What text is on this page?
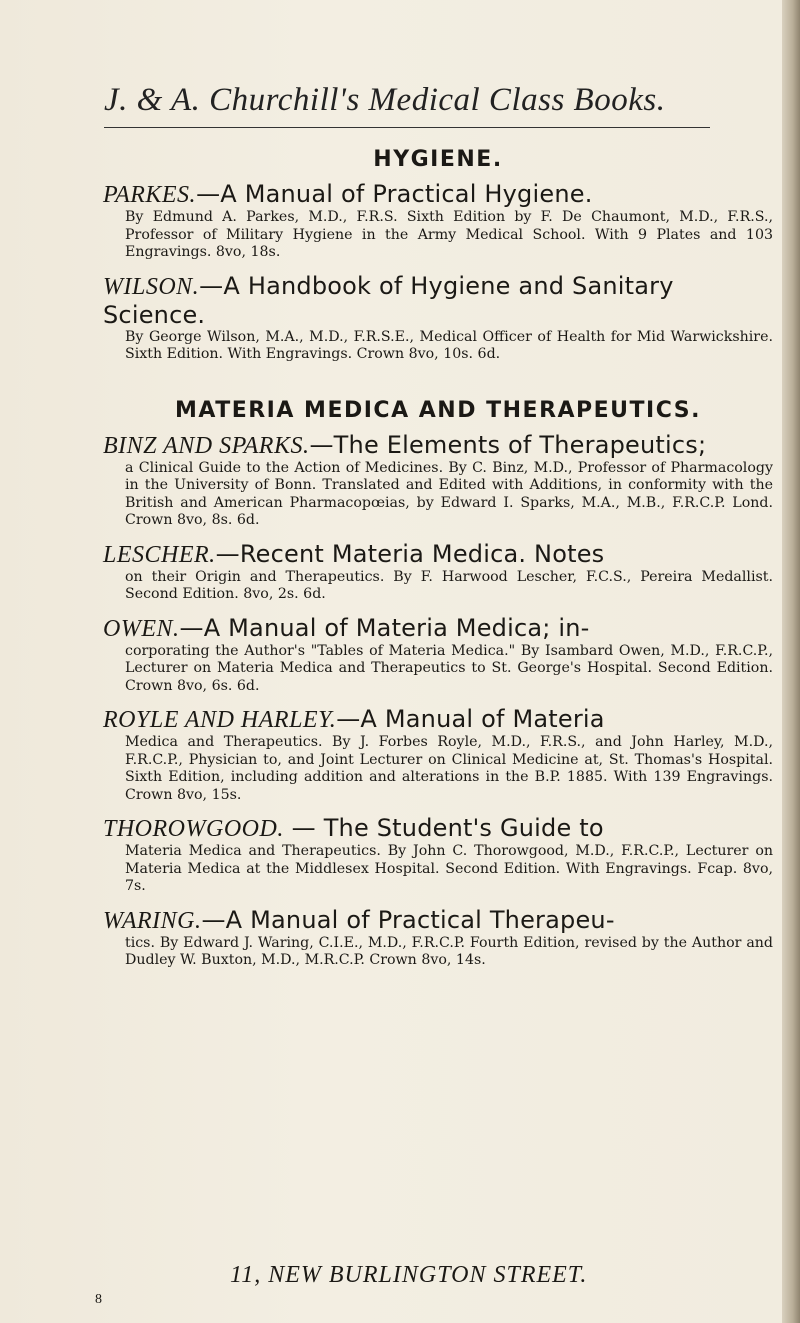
J. & A. Churchill's Medical Class Books.
HYGIENE.

PARKES.—A Manual of Practical Hygiene.

By Edmund A. Parkes, M.D., F.R.S. Sixth Edition by F. De Chaumont, M.D., F.R.S., Professor of Military Hygiene in the Army Medical School. With 9 Plates and 103 Engravings. 8vo, 18s.

WILSON.—A Handbook of Hygiene and Sanitary Science.

By George Wilson, M.A., M.D., F.R.S.E., Medical Officer of Health for Mid Warwickshire. Sixth Edition. With Engravings. Crown 8vo, 10s. 6d.

MATERIA MEDICA AND THERAPEUTICS.

BINZ AND SPARKS.—The Elements of Therapeutics;

a Clinical Guide to the Action of Medicines. By C. Binz, M.D., Professor of Pharmacology in the University of Bonn. Translated and Edited with Additions, in conformity with the British and American Pharmacopœias, by Edward I. Sparks, M.A., M.B., F.R.C.P. Lond. Crown 8vo, 8s. 6d.

LESCHER.—Recent Materia Medica. Notes

on their Origin and Therapeutics. By F. Harwood Lescher, F.C.S., Pereira Medallist. Second Edition. 8vo, 2s. 6d.

OWEN.—A Manual of Materia Medica; in-

corporating the Author's "Tables of Materia Medica." By Isambard Owen, M.D., F.R.C.P., Lecturer on Materia Medica and Therapeutics to St. George's Hospital. Second Edition. Crown 8vo, 6s. 6d.

ROYLE AND HARLEY.—A Manual of Materia

Medica and Therapeutics. By J. Forbes Royle, M.D., F.R.S., and John Harley, M.D., F.R.C.P., Physician to, and Joint Lecturer on Clinical Medicine at, St. Thomas's Hospital. Sixth Edition, including addition and alterations in the B.P. 1885. With 139 Engravings. Crown 8vo, 15s.

THOROWGOOD. — The Student's Guide to

Materia Medica and Therapeutics. By John C. Thorowgood, M.D., F.R.C.P., Lecturer on Materia Medica at the Middlesex Hospital. Second Edition. With Engravings. Fcap. 8vo, 7s.

WARING.—A Manual of Practical Therapeu-

tics. By Edward J. Waring, C.I.E., M.D., F.R.C.P. Fourth Edition, revised by the Author and Dudley W. Buxton, M.D., M.R.C.P. Crown 8vo, 14s.

11, NEW BURLINGTON STREET.
8
